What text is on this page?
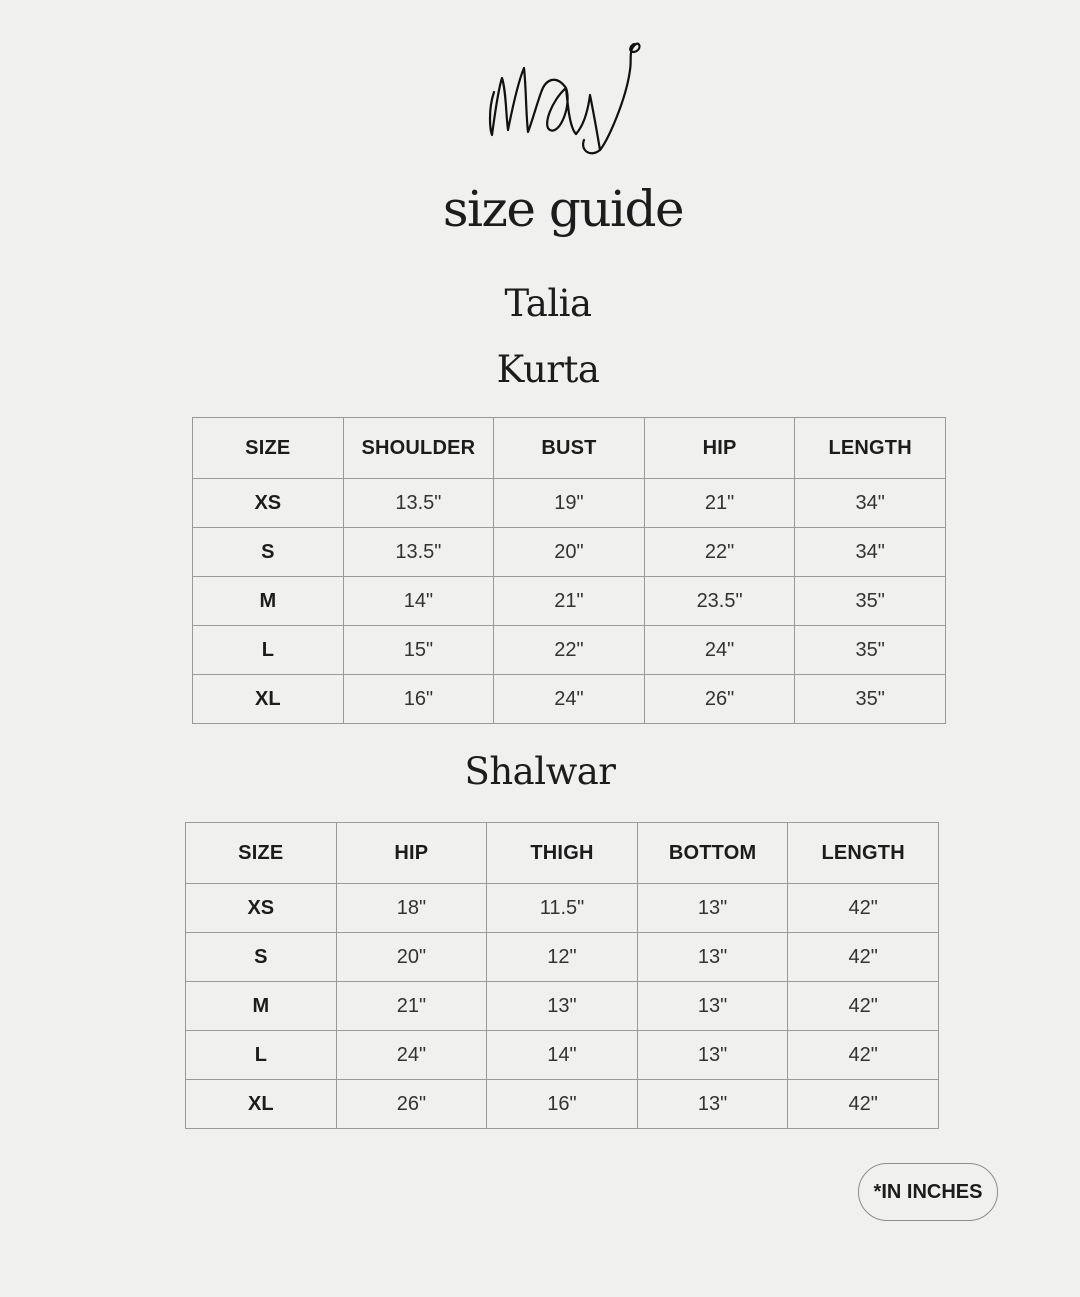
size guide
Talia
Kurta
SIZE	SHOULDER	BUST	HIP	LENGTH
XS	13.5"	19"	21"	34"
S	13.5"	20"	22"	34"
M	14"	21"	23.5"	35"
L	15"	22"	24"	35"
XL	16"	24"	26"	35"
Shalwar
SIZE	HIP	THIGH	BOTTOM	LENGTH
XS	18"	11.5"	13"	42"
S	20"	12"	13"	42"
M	21"	13"	13"	42"
L	24"	14"	13"	42"
XL	26"	16"	13"	42"
*IN INCHES
